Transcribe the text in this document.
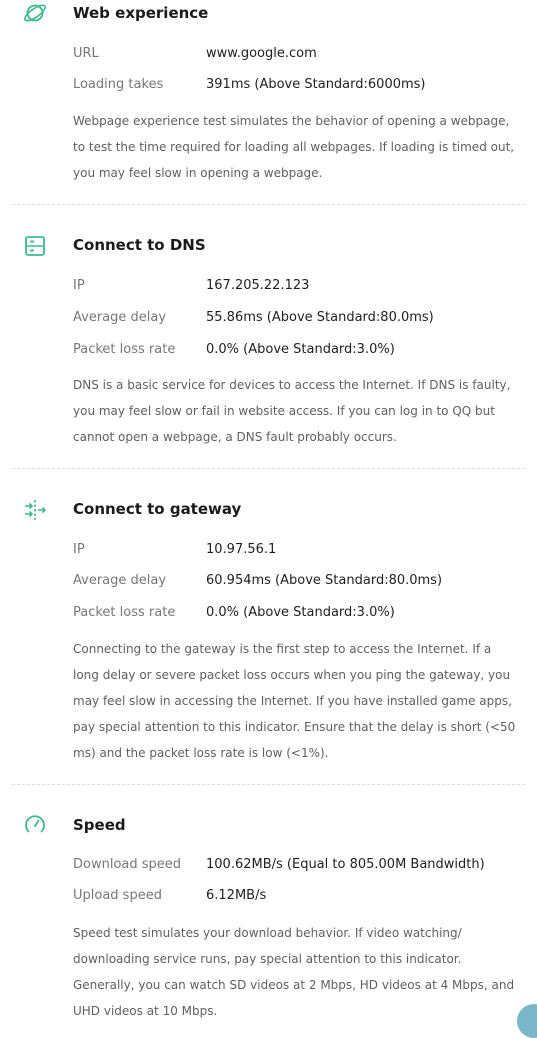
Web experience
URL	www.google.com
Loading takes	391ms (Above Standard:6000ms)
Webpage experience test simulates the behavior of opening a webpage, to test the time required for loading all webpages. If loading is timed out, you may feel slow in opening a webpage.
Connect to DNS
IP	167.205.22.123
Average delay	55.86ms (Above Standard:80.0ms)
Packet loss rate 0.0% (Above Standard:3.0%)
DNS is a basic service for devices to access the Internet. If DNS is faulty, you may feel slow or fail in website access. If you can log in to QQ but cannot open a webpage, a DNS fault probably occurs.
Connect to gateway
IP	10.97.56.1
Average delay	60.954ms (Above Standard:80.0ms)
Packet loss rate 0.0% (Above Standard:3.0%)
Connecting to the gateway is the first step to access the Internet. If a long delay or severe packet loss occurs when you ping the gateway, you may feel slow in accessing the Internet. If you have installed game apps, pay special attention to this indicator. Ensure that the delay is short (<50 ms) and the packet loss rate is low (<1%).
Speed
Download speed 100.62MB/s (Equal to 805.00M Bandwidth)
Upload speed	6.12MB/s
Speed test simulates your download behavior. If video watching/ downloading service runs, pay special attention to this indicator. Generally, you can watch SD videos at 2 Mbps, HD videos at 4 Mbps, and UHD videos at 10 Mbps.
